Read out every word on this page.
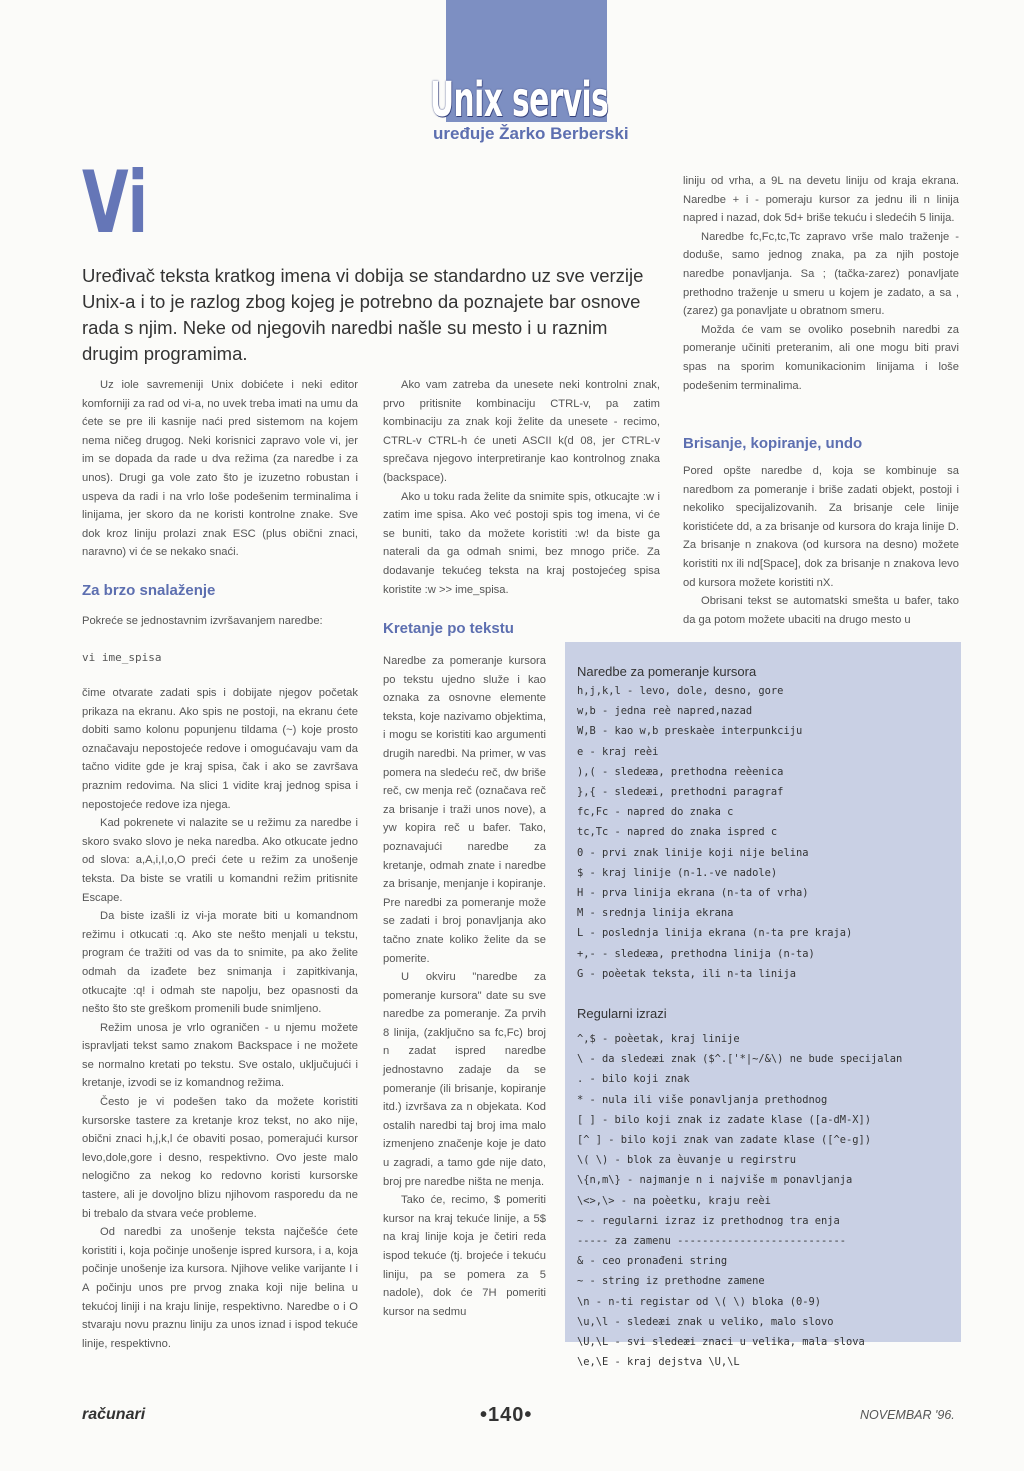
Unix servis
uređuje Žarko Berberski
Vi
Uređivač teksta kratkog imena vi dobija se standardno uz sve verzije Unix-a i to je razlog zbog kojeg je potrebno da poznajete bar osnove rada s njim. Neke od njegovih naredbi našle su mesto i u raznim drugim programima.

Uz iole savremeniji Unix dobićete i neki editor komforniji za rad od vi-a, no uvek treba imati na umu da ćete se pre ili kasnije naći pred sistemom na kojem nema ničeg drugog. Neki korisnici zapravo vole vi, jer im se dopada da rade u dva režima (za naredbe i za unos). Drugi ga vole zato što je izuzetno robustan i uspeva da radi i na vrlo loše podešenim terminalima i linijama, jer skoro da ne koristi kontrolne znake. Sve dok kroz liniju prolazi znak ESC (plus obični znaci, naravno) vi će se nekako snaći.

Za brzo snalaženje

Pokreće se jednostavnim izvršavanjem naredbe:

vi ime_spisa

čime otvarate zadati spis i dobijate njegov početak prikaza na ekranu. Ako spis ne postoji, na ekranu ćete dobiti samo kolonu popunjenu tildama (~) koje prosto označavaju nepostojeće redove i omogućavaju vam da tačno vidite gde je kraj spisa, čak i ako se završava praznim redovima. Na slici 1 vidite kraj jednog spisa i nepostojeće redove iza njega.

Kad pokrenete vi nalazite se u režimu za naredbe i skoro svako slovo je neka naredba. Ako otkucate jedno od slova: a,A,i,I,o,O preći ćete u režim za unošenje teksta. Da biste se vratili u komandni režim pritisnite Escape.

Da biste izašli iz vi-ja morate biti u komandnom režimu i otkucati :q. Ako ste nešto menjali u tekstu, program će tražiti od vas da to snimite, pa ako želite odmah da izađete bez snimanja i zapitkivanja, otkucajte :q! i odmah ste napolju, bez opasnosti da nešto što ste greškom promenili bude snimljeno.

Režim unosa je vrlo ograničen - u njemu možete ispravljati tekst samo znakom Backspace i ne možete se normalno kretati po tekstu. Sve ostalo, uključujući i kretanje, izvodi se iz komandnog režima.

Često je vi podešen tako da možete koristiti kursorske tastere za kretanje kroz tekst, no ako nije, obični znaci h,j,k,l će obaviti posao, pomerajući kursor levo,dole,gore i desno, respektivno. Ovo jeste malo nelogično za nekog ko redovno koristi kursorske tastere, ali je dovoljno blizu njihovom rasporedu da ne bi trebalo da stvara veće probleme.

Od naredbi za unošenje teksta najčešće ćete koristiti i, koja počinje unošenje ispred kursora, i a, koja počinje unošenje iza kursora. Njihove velike varijante I i A počinju unos pre prvog znaka koji nije belina u tekućoj liniji i na kraju linije, respektivno. Naredbe o i O stvaraju novu praznu liniju za unos iznad i ispod tekuće linije, respektivno.

Ako vam zatreba da unesete neki kontrolni znak, prvo pritisnite kombinaciju CTRL-v, pa zatim kombinaciju za znak koji želite da unesete - recimo, CTRL-v CTRL-h će uneti ASCII k(d 08, jer CTRL-v sprečava njegovo interpretiranje kao kontrolnog znaka (backspace).

Ako u toku rada želite da snimite spis, otkucajte :w i zatim ime spisa. Ako već postoji spis tog imena, vi će se buniti, tako da možete koristiti :w! da biste ga naterali da ga odmah snimi, bez mnogo priče. Za dodavanje tekućeg teksta na kraj postojećeg spisa koristite :w >> ime_spisa.

Kretanje po tekstu

Naredbe za pomeranje kursora po tekstu ujedno služe i kao oznaka za osnovne elemente teksta, koje nazivamo objektima, i mogu se koristiti kao argumenti drugih naredbi. Na primer, w vas pomera na sledeću reč, dw briše reč, cw menja reč (označava reč za brisanje i traži unos nove), a yw kopira reč u bafer. Tako, poznavajući naredbe za kretanje, odmah znate i naredbe za brisanje, menjanje i kopiranje. Pre naredbi za pomeranje može se zadati i broj ponavljanja ako tačno znate koliko želite da se pomerite.

U okviru "naredbe za pomeranje kursora" date su sve naredbe za pomeranje. Za prvih 8 linija, (zaključno sa fc,Fc) broj n zadat ispred naredbe jednostavno zadaje da se pomeranje (ili brisanje, kopiranje itd.) izvršava za n objekata. Kod ostalih naredbi taj broj ima malo izmenjeno značenje koje je dato u zagradi, a tamo gde nije dato, broj pre naredbe ništa ne menja.

Tako će, recimo, $ pomeriti kursor na kraj tekuće linije, a 5$ na kraj linije koja je četiri reda ispod tekuće (tj. brojeće i tekuću liniju, pa se pomera za 5 nadole), dok će 7H pomeriti kursor na sedmu

liniju od vrha, a 9L na devetu liniju od kraja ekrana. Naredbe + i - pomeraju kursor za jednu ili n linija napred i nazad, dok 5d+ briše tekuću i sledećih 5 linija.

Naredbe fc,Fc,tc,Tc zapravo vrše malo traženje - doduše, samo jednog znaka, pa za njih postoje naredbe ponavljanja. Sa ; (tačka-zarez) ponavljate prethodno traženje u smeru u kojem je zadato, a sa , (zarez) ga ponavljate u obratnom smeru.

Možda će vam se ovoliko posebnih naredbi za pomeranje učiniti preteranim, ali one mogu biti pravi spas na sporim komunikacionim linijama i loše podešenim terminalima.

Brisanje, kopiranje, undo

Pored opšte naredbe d, koja se kombinuje sa naredbom za pomeranje i briše zadati objekt, postoji i nekoliko specijalizovanih. Za brisanje cele linije koristićete dd, a za brisanje od kursora do kraja linije D. Za brisanje n znakova (od kursora na desno) možete koristiti nx ili nd[Space], dok za brisanje n znakova levo od kursora možete koristiti nX.

Obrisani tekst se automatski smešta u bafer, tako da ga potom možete ubaciti na drugo mesto u

Naredbe za pomeranje kursora
h,j,k,l - levo, dole, desno, gore
w,b - jedna reè napred,nazad
W,B - kao w,b preskaèe interpunkciju
e - kraj reèi
),( - sledeæa, prethodna reèenica
},{ - sledeæi, prethodni paragraf
fc,Fc - napred do znaka c
tc,Tc - napred do znaka ispred c
0 - prvi znak linije koji nije belina
$ - kraj linije (n-1.-ve nadole)
H - prva linija ekrana (n-ta of vrha)
M - srednja linija ekrana
L - poslednja linija ekrana (n-ta pre kraja)
+,- - sledeæa, prethodna linija (n-ta)
G - poèetak teksta, ili n-ta linija
Regularni izrazi
^,$ - poèetak, kraj linije
\ - da sledeæi znak ($^.['*|~/&\) ne bude specijalan
. - bilo koji znak
* - nula ili više ponavljanja prethodnog
[ ] - bilo koji znak iz zadate klase ([a-dM-X])
[^ ] - bilo koji znak van zadate klase ([^e-g])
\( \) - blok za èuvanje u regirstru
\{n,m\} - najmanje n i najviše m ponavljanja
\<>,\> - na poèetku, kraju reèi
~ - regularni izraz iz prethodnog tra enja
----- za zamenu ---------------------------
& - ceo pronađeni string
~ - string iz prethodne zamene
\n - n-ti registar od \( \) bloka (0-9)
\u,\l - sledeæi znak u veliko, malo slovo
\U,\L - svi sledeæi znaci u velika, mala slova
\e,\E - kraj dejstva \U,\L
računari	•140•	NOVEMBAR '96.
